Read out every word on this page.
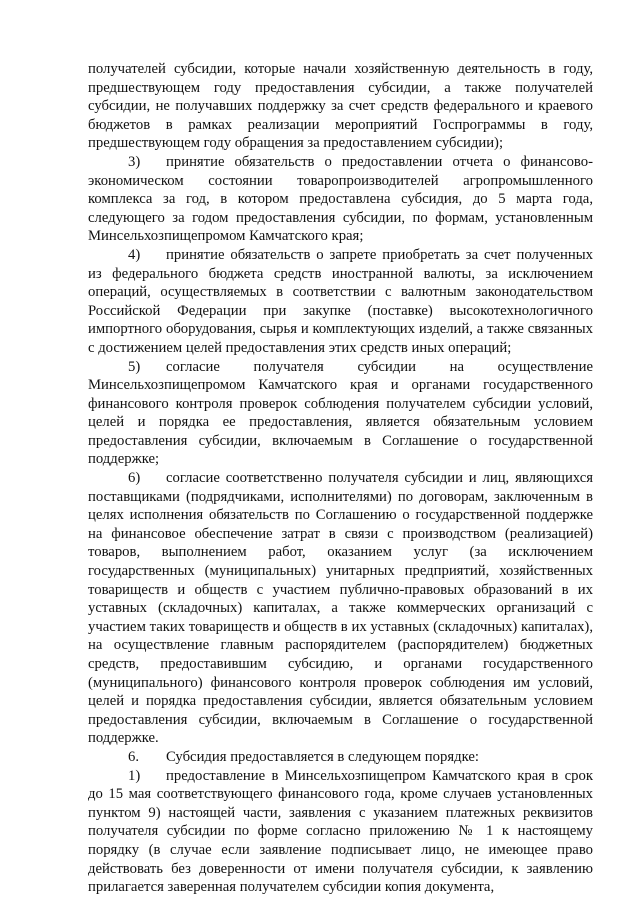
получателей субсидии, которые начали хозяйственную деятельность в году, предшествующем году предоставления субсидии, а также получателей субсидии, не получавших поддержку за счет средств федерального и краевого бюджетов в рамках реализации мероприятий Госпрограммы в году, предшествующем году обращения за предоставлением субсидии);

3) принятие обязательств о предоставлении отчета о финансово-экономическом состоянии товаропроизводителей агропромышленного комплекса за год, в котором предоставлена субсидия, до 5 марта года, следующего за годом предоставления субсидии, по формам, установленным Минсельхозпищепромом Камчатского края;

4) принятие обязательств о запрете приобретать за счет полученных из федерального бюджета средств иностранной валюты, за исключением операций, осуществляемых в соответствии с валютным законодательством Российской Федерации при закупке (поставке) высокотехнологичного импортного оборудования, сырья и комплектующих изделий, а также связанных с достижением целей предоставления этих средств иных операций;

5) согласие получателя субсидии на осуществление Минсельхозпищепромом Камчатского края и органами государственного финансового контроля проверок соблюдения получателем субсидии условий, целей и порядка ее предоставления, является обязательным условием предоставления субсидии, включаемым в Соглашение о государственной поддержке;

6) согласие соответственно получателя субсидии и лиц, являющихся поставщиками (подрядчиками, исполнителями) по договорам, заключенным в целях исполнения обязательств по Соглашению о государственной поддержке на финансовое обеспечение затрат в связи с производством (реализацией) товаров, выполнением работ, оказанием услуг (за исключением государственных (муниципальных) унитарных предприятий, хозяйственных товариществ и обществ с участием публично-правовых образований в их уставных (складочных) капиталах, а также коммерческих организаций с участием таких товариществ и обществ в их уставных (складочных) капиталах), на осуществление главным распорядителем (распорядителем) бюджетных средств, предоставившим субсидию, и органами государственного (муниципального) финансового контроля проверок соблюдения им условий, целей и порядка предоставления субсидии, является обязательным условием предоставления субсидии, включаемым в Соглашение о государственной поддержке.

6. Субсидия предоставляется в следующем порядке:

1) предоставление в Минсельхозпищепром Камчатского края в срок до 15 мая соответствующего финансового года, кроме случаев установленных пунктом 9) настоящей части, заявления с указанием платежных реквизитов получателя субсидии по форме согласно приложению № 1 к настоящему порядку (в случае если заявление подписывает лицо, не имеющее право действовать без доверенности от имени получателя субсидии, к заявлению прилагается заверенная получателем субсидии копия документа,
